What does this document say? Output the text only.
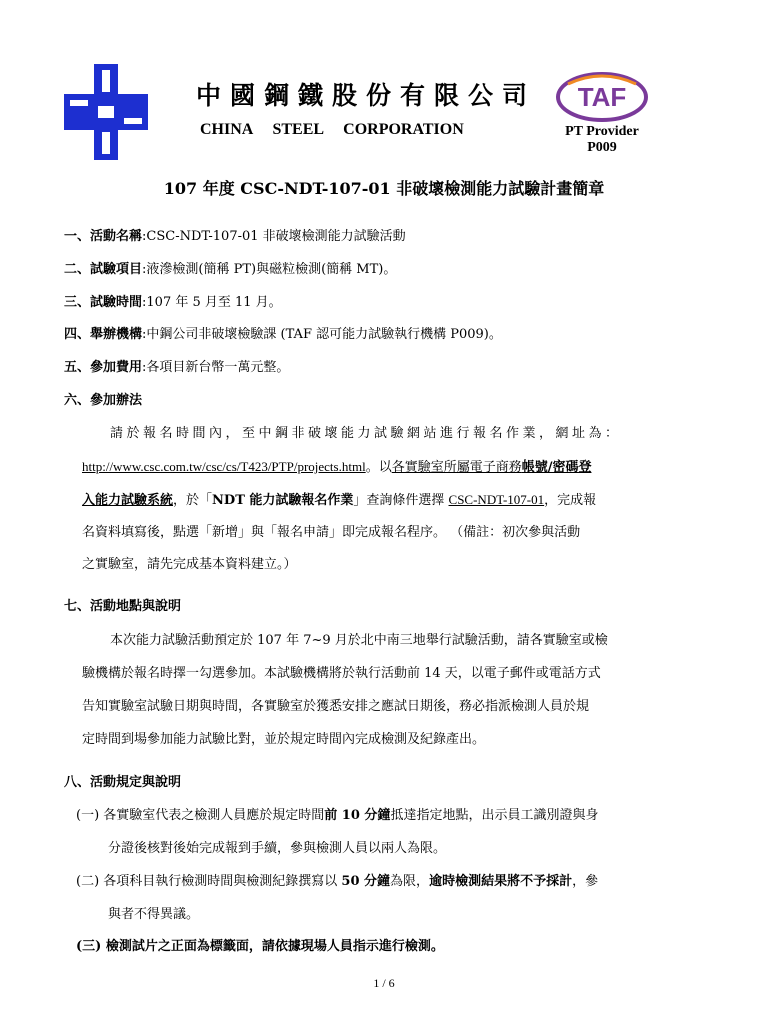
中國鋼鐵股份有限公司
CHINA STEEL CORPORATION
TAF
PT Provider
P009
107 年度 CSC-NDT-107-01 非破壞檢測能力試驗計畫簡章
一、活動名稱:CSC-NDT-107-01 非破壞檢測能力試驗活動
二、試驗項目:液滲檢測(簡稱 PT)與磁粒檢測(簡稱 MT)。
三、試驗時間:107 年 5 月至 11 月。
四、舉辦機構:中鋼公司非破壞檢驗課 (TAF 認可能力試驗執行機構 P009)。
五、參加費用:各項目新台幣一萬元整。
六、參加辦法
請於報名時間內，至中鋼非破壞能力試驗網站進行報名作業，網址為：
http://www.csc.com.tw/csc/cs/T423/PTP/projects.html。以各實驗室所屬電子商務帳號/密碼登
入能力試驗系統，於「NDT 能力試驗報名作業」查詢條件選擇 CSC-NDT-107-01，完成報
名資料填寫後，點選「新增」與「報名申請」即完成報名程序。 （備註：初次參與活動
之實驗室，請先完成基本資料建立。）
七、活動地點與說明
本次能力試驗活動預定於 107 年 7~9 月於北中南三地舉行試驗活動，請各實驗室或檢
驗機構於報名時擇一勾選參加。本試驗機構將於執行活動前 14 天，以電子郵件或電話方式
告知實驗室試驗日期與時間，各實驗室於獲悉安排之應試日期後，務必指派檢測人員於規
定時間到場參加能力試驗比對，並於規定時間內完成檢測及紀錄產出。
八、活動規定與說明
(一) 各實驗室代表之檢測人員應於規定時間前 10 分鐘抵達指定地點，出示員工識別證與身
分證後核對後始完成報到手續，參與檢測人員以兩人為限。
(二) 各項科目執行檢測時間與檢測紀錄撰寫以 50 分鐘為限，逾時檢測結果將不予採計，參
與者不得異議。
(三) 檢測試片之正面為標籤面，請依據現場人員指示進行檢測。
1 / 6
